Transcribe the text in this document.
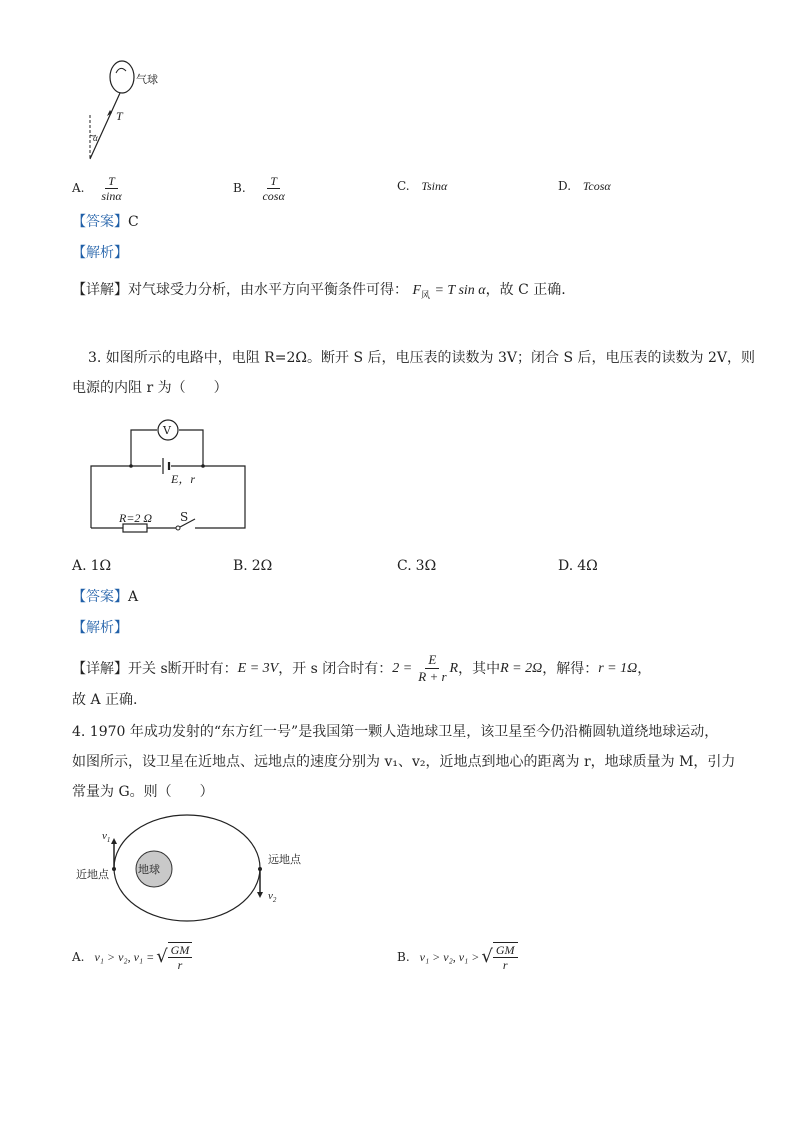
气球
T
α
A. $\frac{T}{\sin\alpha}$	B. $\frac{T}{\cos\alpha}$	C. Tsinα	D. Tcosα
【答案】C
【解析】
【详解】对气球受力分析，由水平方向平衡条件可得： $F_风 = T$ sin α，故 C 正确.
3. 如图所示的电路中，电阻 R=2Ω。断开 S 后，电压表的读数为 3V；闭合 S 后，电压表的读数为 2V，则
电源的内阻 r 为（　　）
V
E，r
R=2 Ω S
A. 1Ω	B. 2Ω	C. 3Ω	D. 4Ω
【答案】A
【解析】
【详解】 开关 s断开时有： E = 3V ，开 s 闭合时有： $2 = \frac{E}{R + r}$ R ，其中 R = 2Ω ，解得： r = 1Ω ，
故 A 正确.
4. 1970 年成功发射的“东方红一号”是我国第一颗人造地球卫星，该卫星至今仍沿椭圆轨道绕地球运动，
如图所示，设卫星在近地点、远地点的速度分别为 v₁、v₂，近地点到地心的距离为 r，地球质量为 M，引力
常量为 G。则（　　）
地球
近地点
远地点
$v_1$
$v_2$
A. v₁ > v₂, v₁ = √ $\frac{GM}{r}$	B. v₁ > v₂, v₁ > √ $\frac{GM}{r}$
